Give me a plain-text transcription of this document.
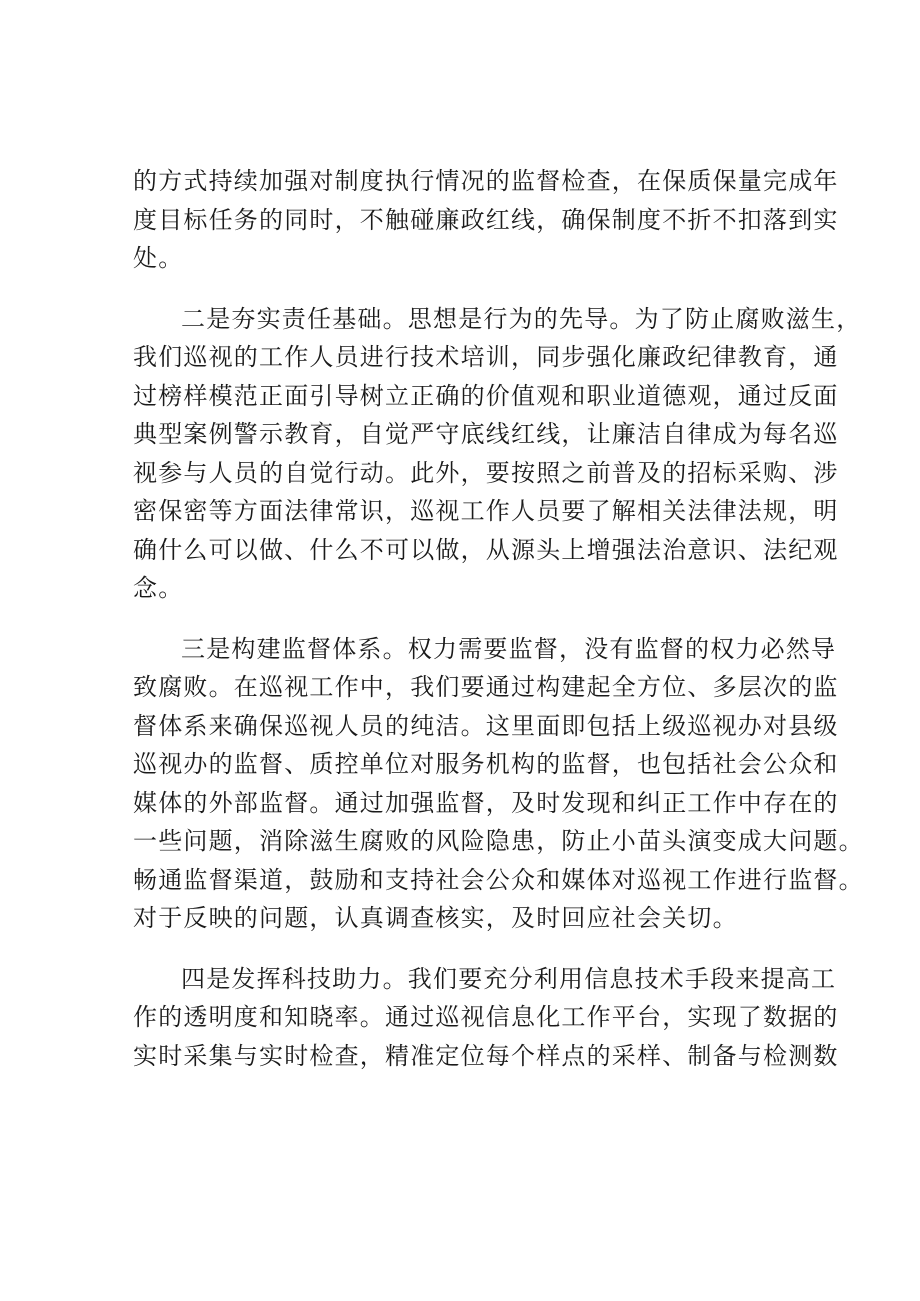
的方式持续加强对制度执行情况的监督检查，在保质保量完成年
度目标任务的同时，不触碰廉政红线，确保制度不折不扣落到实
处。

二是夯实责任基础。思想是行为的先导。为了防止腐败滋生，
我们巡视的工作人员进行技术培训，同步强化廉政纪律教育，通
过榜样模范正面引导树立正确的价值观和职业道德观，通过反面
典型案例警示教育，自觉严守底线红线，让廉洁自律成为每名巡
视参与人员的自觉行动。此外，要按照之前普及的招标采购、涉
密保密等方面法律常识，巡视工作人员要了解相关法律法规，明
确什么可以做、什么不可以做，从源头上增强法治意识、法纪观
念。

三是构建监督体系。权力需要监督，没有监督的权力必然导
致腐败。在巡视工作中，我们要通过构建起全方位、多层次的监
督体系来确保巡视人员的纯洁。这里面即包括上级巡视办对县级
巡视办的监督、质控单位对服务机构的监督，也包括社会公众和
媒体的外部监督。通过加强监督，及时发现和纠正工作中存在的
一些问题，消除滋生腐败的风险隐患，防止小苗头演变成大问题。
畅通监督渠道，鼓励和支持社会公众和媒体对巡视工作进行监督。
对于反映的问题，认真调查核实，及时回应社会关切。

四是发挥科技助力。我们要充分利用信息技术手段来提高工
作的透明度和知晓率。通过巡视信息化工作平台，实现了数据的
实时采集与实时检查，精准定位每个样点的采样、制备与检测数
